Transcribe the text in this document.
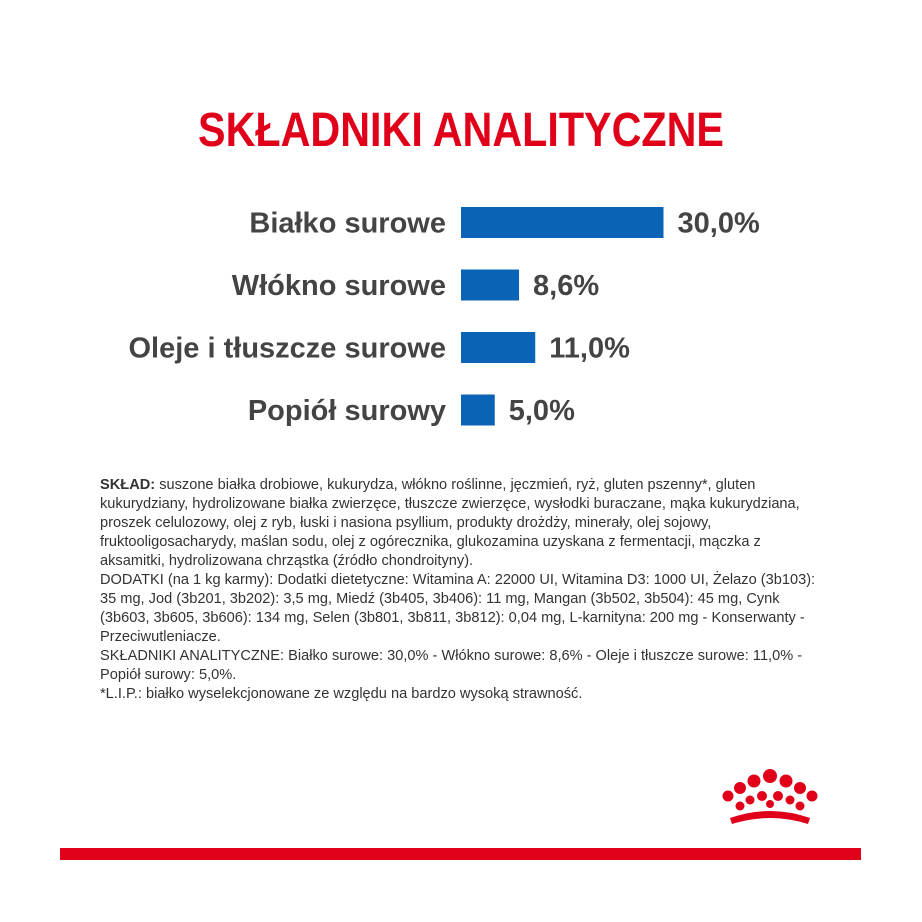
SKŁADNIKI ANALITYCZNE
Białko surowe	30,0%
Włókno surowe	8,6%
Oleje i tłuszcze surowe	11,0%
Popiół surowy 5,0%

SKŁAD: suszone białka drobiowe, kukurydza, włókno roślinne, jęczmień, ryż, gluten pszenny*, gluten kukurydziany, hydrolizowane białka zwierzęce, tłuszcze zwierzęce, wysłodki buraczane, mąka kukurydziana, proszek celulozowy, olej z ryb, łuski i nasiona psyllium, produkty drożdży, minerały, olej sojowy, fruktooligosacharydy, maślan sodu, olej z ogórecznika, glukozamina uzyskana z fermentacji, mączka z aksamitki, hydrolizowana chrząstka (źródło chondroityny).

DODATKI (na 1 kg karmy): Dodatki dietetyczne: Witamina A: 22000 UI, Witamina D3: 1000 UI, Żelazo (3b103): 35 mg, Jod (3b201, 3b202): 3,5 mg, Miedź (3b405, 3b406): 11 mg, Mangan (3b502, 3b504): 45 mg, Cynk (3b603, 3b605, 3b606): 134 mg, Selen (3b801, 3b811, 3b812): 0,04 mg, L-karnityna: 200 mg - Konserwanty - Przeciwutleniacze.

SKŁADNIKI ANALITYCZNE: Białko surowe: 30,0% - Włókno surowe: 8,6% - Oleje i tłuszcze surowe: 11,0% - Popiół surowy: 5,0%.

*L.I.P.: białko wyselekcjonowane ze względu na bardzo wysoką strawność.
